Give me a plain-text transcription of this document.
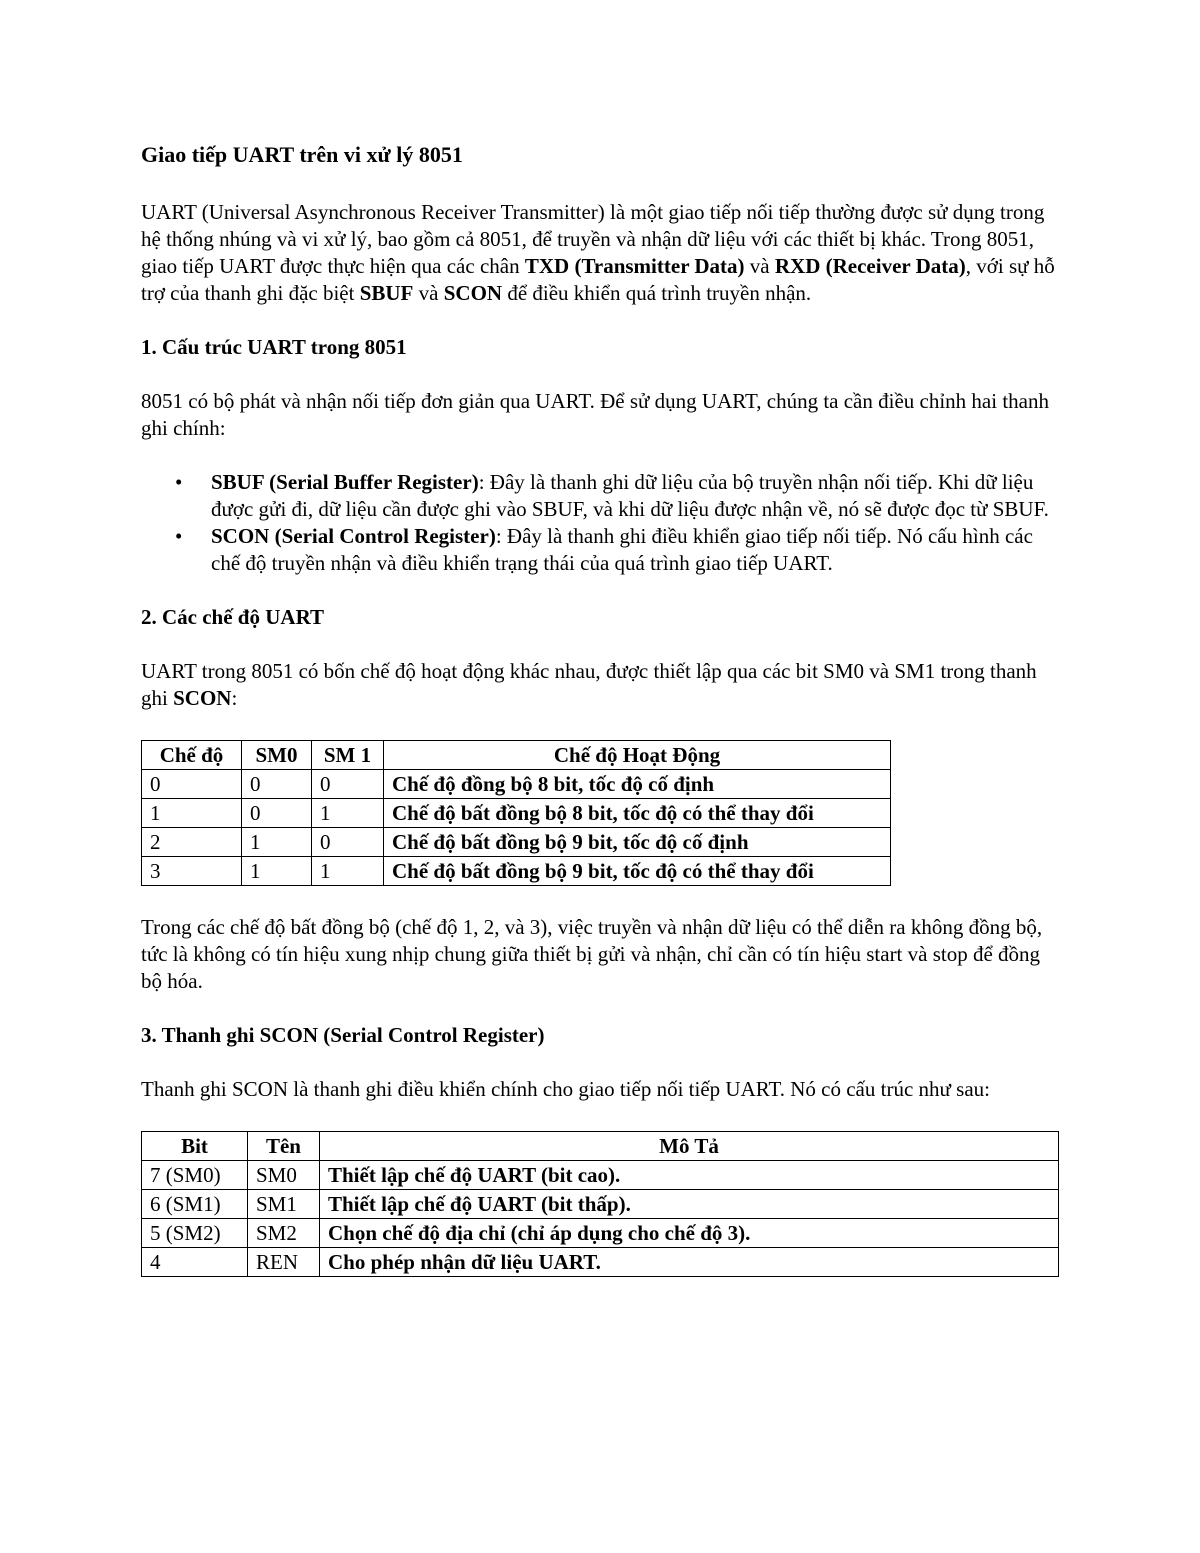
Giao tiếp UART trên vi xử lý 8051

UART (Universal Asynchronous Receiver Transmitter) là một giao tiếp nối tiếp thường được sử dụng trong hệ thống nhúng và vi xử lý, bao gồm cả 8051, để truyền và nhận dữ liệu với các thiết bị khác. Trong 8051, giao tiếp UART được thực hiện qua các chân TXD (Transmitter Data) và RXD (Receiver Data), với sự hỗ trợ của thanh ghi đặc biệt SBUF và SCON để điều khiển quá trình truyền nhận.

1. Cấu trúc UART trong 8051

8051 có bộ phát và nhận nối tiếp đơn giản qua UART. Để sử dụng UART, chúng ta cần điều chỉnh hai thanh ghi chính:

• SBUF (Serial Buffer Register): Đây là thanh ghi dữ liệu của bộ truyền nhận nối tiếp. Khi dữ liệu được gửi đi, dữ liệu cần được ghi vào SBUF, và khi dữ liệu được nhận về, nó sẽ được đọc từ SBUF.
• SCON (Serial Control Register): Đây là thanh ghi điều khiển giao tiếp nối tiếp. Nó cấu hình các chế độ truyền nhận và điều khiển trạng thái của quá trình giao tiếp UART.
2. Các chế độ UART

UART trong 8051 có bốn chế độ hoạt động khác nhau, được thiết lập qua các bit SM0 và SM1 trong thanh ghi SCON:

Chế độ	SM0	SM 1	Chế độ Hoạt Động
0	0	0	Chế độ đồng bộ 8 bit, tốc độ cố định
1	0	1	Chế độ bất đồng bộ 8 bit, tốc độ có thể thay đổi
2	1	0	Chế độ bất đồng bộ 9 bit, tốc độ cố định
3	1	1	Chế độ bất đồng bộ 9 bit, tốc độ có thể thay đổi

Trong các chế độ bất đồng bộ (chế độ 1, 2, và 3), việc truyền và nhận dữ liệu có thể diễn ra không đồng bộ, tức là không có tín hiệu xung nhịp chung giữa thiết bị gửi và nhận, chỉ cần có tín hiệu start và stop để đồng bộ hóa.

3. Thanh ghi SCON (Serial Control Register)

Thanh ghi SCON là thanh ghi điều khiển chính cho giao tiếp nối tiếp UART. Nó có cấu trúc như sau:

Bit	Tên	Mô Tả
7 (SM0)	SM0	Thiết lập chế độ UART (bit cao).
6 (SM1)	SM1	Thiết lập chế độ UART (bit thấp).
5 (SM2)	SM2	Chọn chế độ địa chỉ (chỉ áp dụng cho chế độ 3).
4	REN	Cho phép nhận dữ liệu UART.
